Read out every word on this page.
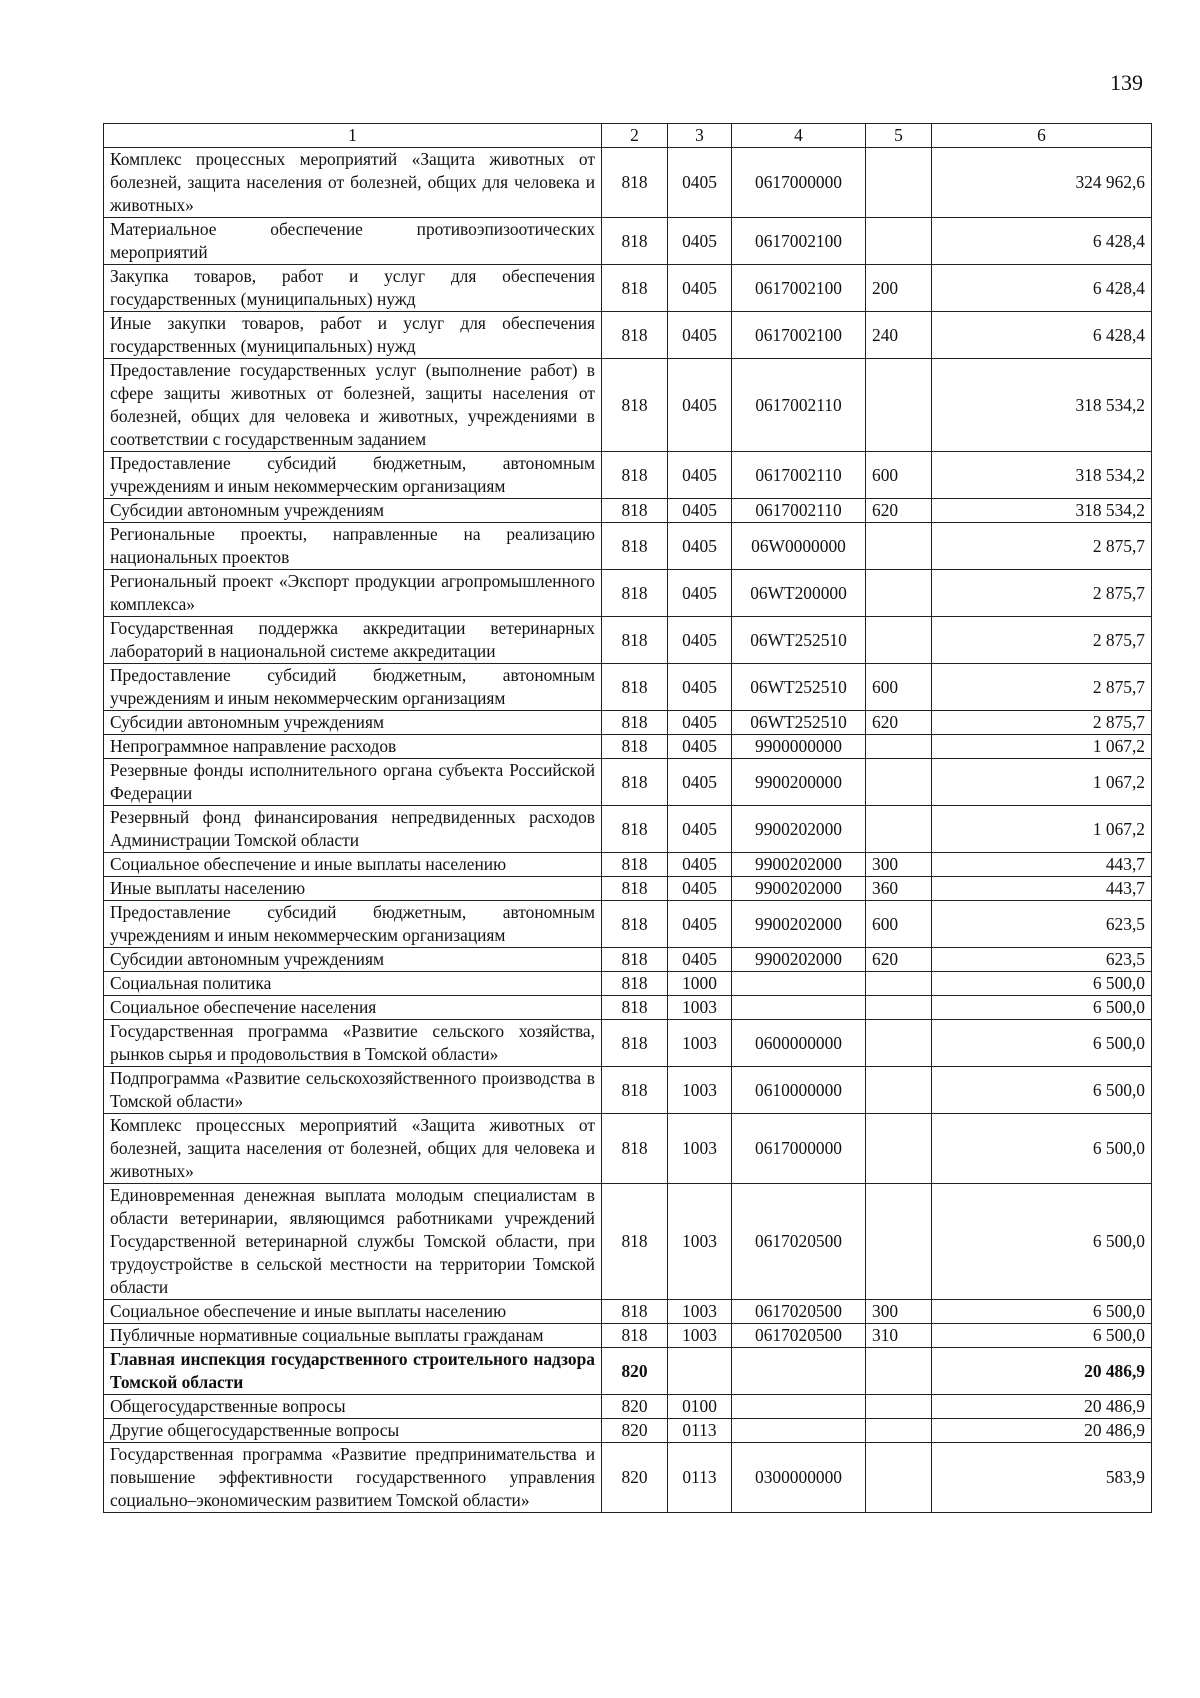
139
1	2	3	4	5	6
Комплекс процессных мероприятий «Защита животных от болезней, защита населения от болезней, общих для человека и животных»	818	0405	0617000000		324 962,6
Материальное обеспечение противоэпизоотических мероприятий	818	0405	0617002100		6 428,4
Закупка товаров, работ и услуг для обеспечения государственных (муниципальных) нужд	818	0405	0617002100	200	6 428,4
Иные закупки товаров, работ и услуг для обеспечения государственных (муниципальных) нужд	818	0405	0617002100	240	6 428,4
Предоставление государственных услуг (выполнение работ) в сфере защиты животных от болезней, защиты населения от болезней, общих для человека и животных, учреждениями в соответствии с государственным заданием	818	0405	0617002110		318 534,2
Предоставление субсидий бюджетным, автономным учреждениям и иным некоммерческим организациям	818	0405	0617002110	600	318 534,2
Субсидии автономным учреждениям	818	0405	0617002110	620	318 534,2
Региональные проекты, направленные на реализацию национальных проектов	818	0405	06W0000000		2 875,7
Региональный проект «Экспорт продукции агропромышленного комплекса»	818	0405	06WT200000		2 875,7
Государственная поддержка аккредитации ветеринарных лабораторий в национальной системе аккредитации	818	0405	06WT252510		2 875,7
Предоставление субсидий бюджетным, автономным учреждениям и иным некоммерческим организациям	818	0405	06WT252510	600	2 875,7
Субсидии автономным учреждениям	818	0405	06WT252510	620	2 875,7
Непрограммное направление расходов	818	0405	9900000000		1 067,2
Резервные фонды исполнительного органа субъекта Российской Федерации	818	0405	9900200000		1 067,2
Резервный фонд финансирования непредвиденных расходов Администрации Томской области	818	0405	9900202000		1 067,2
Социальное обеспечение и иные выплаты населению	818	0405	9900202000	300	443,7
Иные выплаты населению	818	0405	9900202000	360	443,7
Предоставление субсидий бюджетным, автономным учреждениям и иным некоммерческим организациям	818	0405	9900202000	600	623,5
Субсидии автономным учреждениям	818	0405	9900202000	620	623,5
Социальная политика	818	1000			6 500,0
Социальное обеспечение населения	818	1003			6 500,0
Государственная программа «Развитие сельского хозяйства, рынков сырья и продовольствия в Томской области»	818	1003	0600000000		6 500,0
Подпрограмма «Развитие сельскохозяйственного производства в Томской области»	818	1003	0610000000		6 500,0
Комплекс процессных мероприятий «Защита животных от болезней, защита населения от болезней, общих для человека и животных»	818	1003	0617000000		6 500,0
Единовременная денежная выплата молодым специалистам в области ветеринарии, являющимся работниками учреждений Государственной ветеринарной службы Томской области, при трудоустройстве в сельской местности на территории Томской области	818	1003	0617020500		6 500,0
Социальное обеспечение и иные выплаты населению	818	1003	0617020500	300	6 500,0
Публичные нормативные социальные выплаты гражданам	818	1003	0617020500	310	6 500,0
Главная инспекция государственного строительного надзора Томской области	820				20 486,9
Общегосударственные вопросы	820	0100			20 486,9
Другие общегосударственные вопросы	820	0113			20 486,9
Государственная программа «Развитие предпринимательства и повышение эффективности государственного управления социально–экономическим развитием Томской области»	820	0113	0300000000		583,9
